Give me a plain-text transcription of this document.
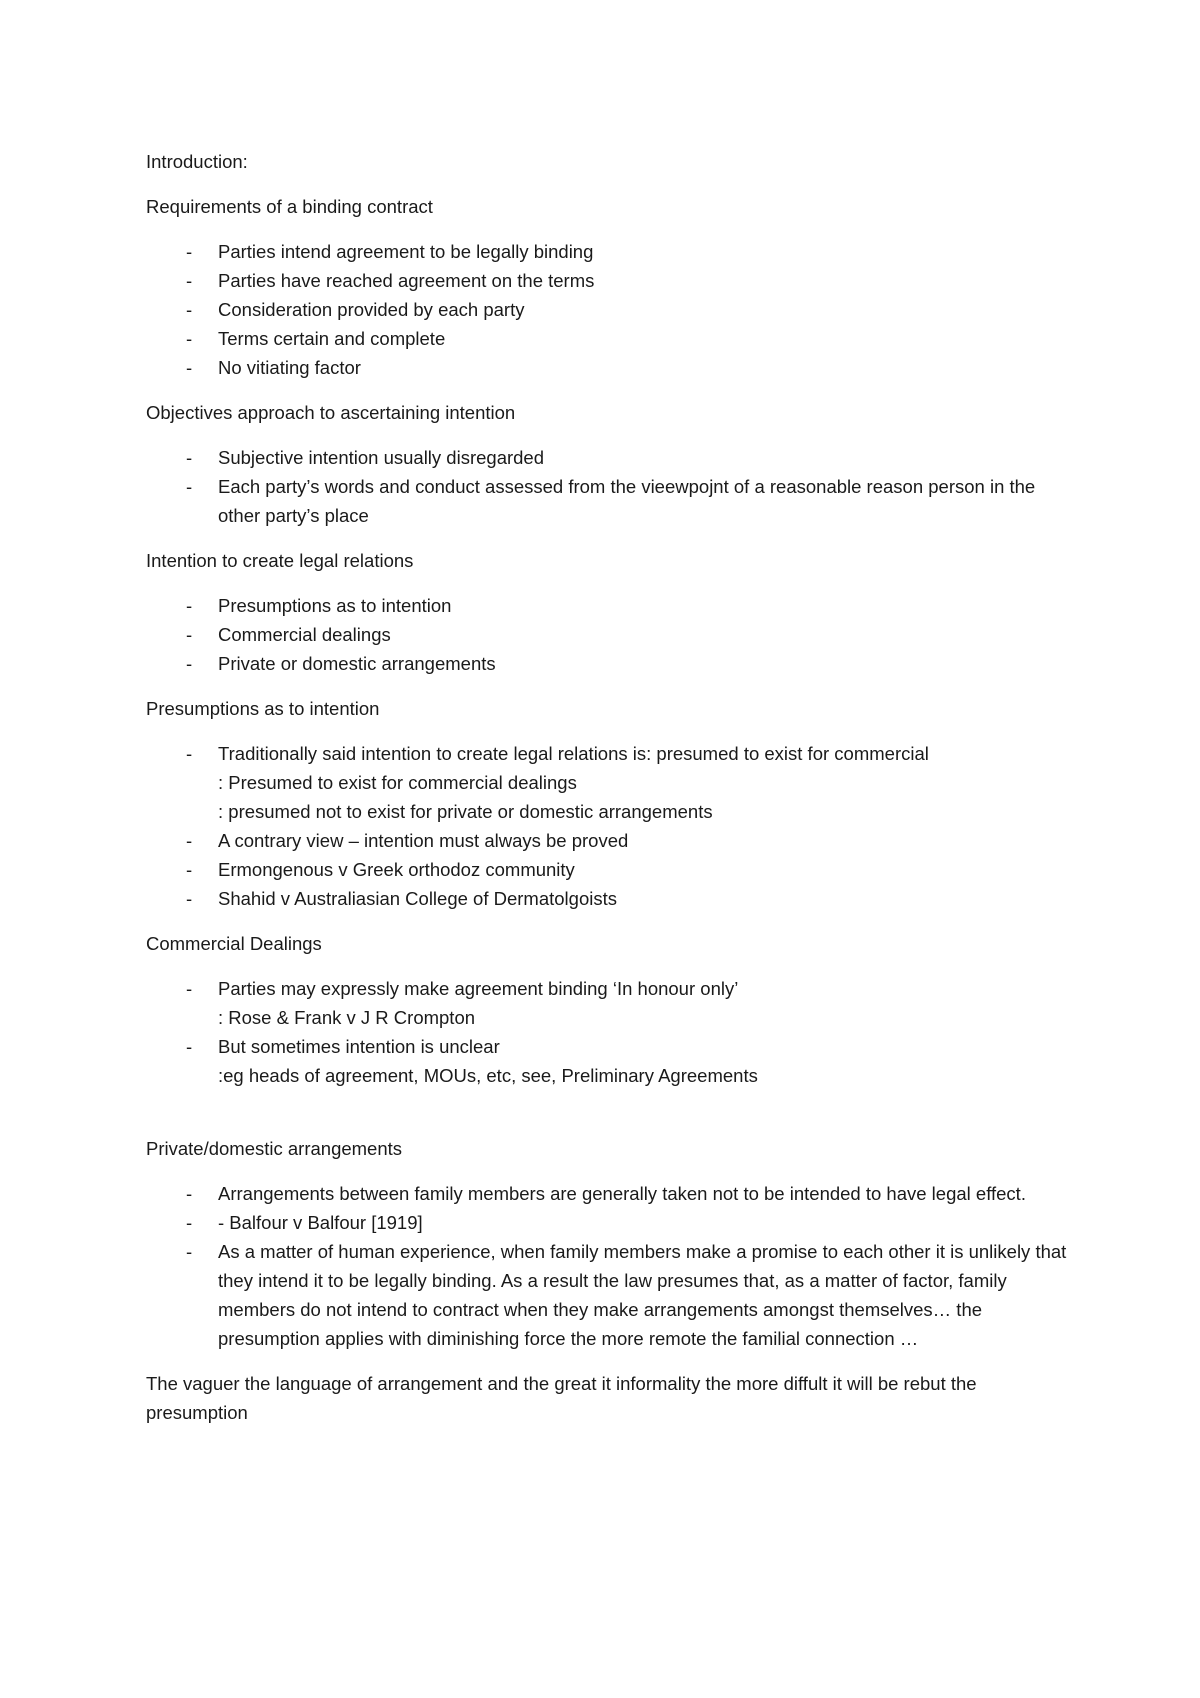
Introduction:

Requirements of a binding contract

- Parties intend agreement to be legally binding
- Parties have reached agreement on the terms
- Consideration provided by each party
- Terms certain and complete
- No vitiating factor

Objectives approach to ascertaining intention

- Subjective intention usually disregarded
- Each party’s words and conduct assessed from the vieewpojnt of a reasonable reason person in the other party’s place

Intention to create legal relations

- Presumptions as to intention
- Commercial dealings
- Private or domestic arrangements

Presumptions as to intention

- Traditionally said intention to create legal relations is: presumed to exist for commercial
: Presumed to exist for commercial dealings
: presumed not to exist for private or domestic arrangements
- A contrary view – intention must always be proved
- Ermongenous v Greek orthodoz community
- Shahid v Australiasian College of Dermatolgoists

Commercial Dealings

- Parties may expressly make agreement binding ‘In honour only’
: Rose & Frank v J R Crompton
- But sometimes intention is unclear
:eg heads of agreement, MOUs, etc, see, Preliminary Agreements

Private/domestic arrangements

- Arrangements between family members are generally taken not to be intended to have legal effect.
- - Balfour v Balfour [1919]
- As a matter of human experience, when family members make a promise to each other it is unlikely that they intend it to be legally binding. As a result the law presumes that, as a matter of factor, family members do not intend to contract when they make arrangements amongst themselves… the presumption applies with diminishing force the more remote the familial connection …

The vaguer the language of arrangement and the great it informality the more diffult it will be rebut the presumption
